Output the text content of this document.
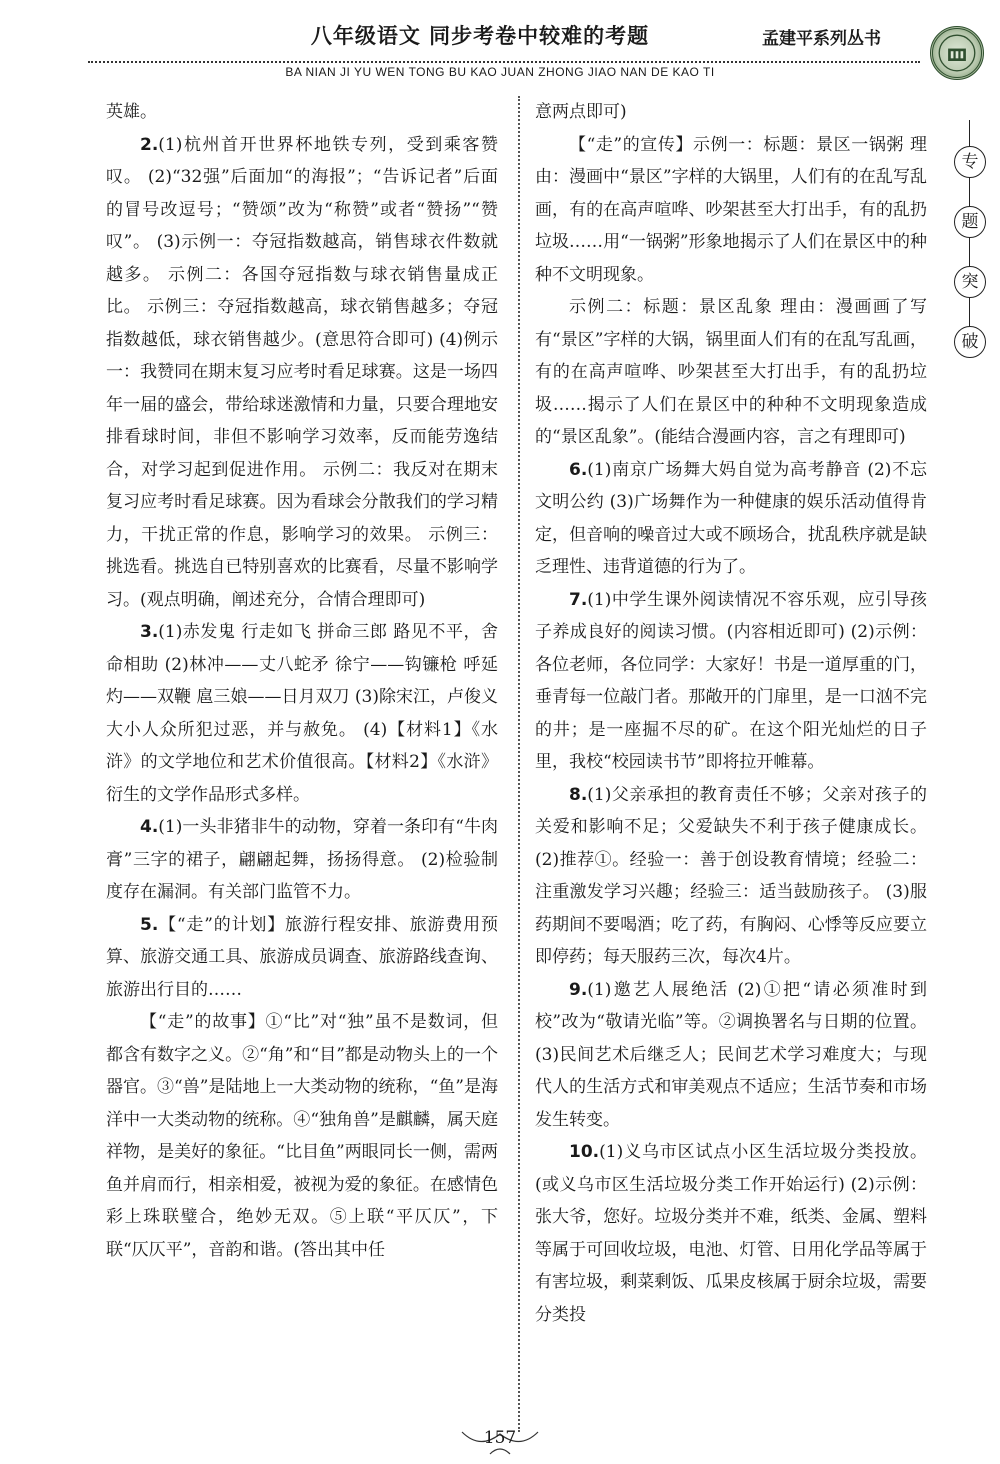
八年级语文 同步考卷中较难的考题	孟建平系列丛书
BA NIAN JI YU WEN TONG BU KAO JUAN ZHONG JIAO NAN DE KAO TI
专
题
突
破

英雄。

2.(1)杭州首开世界杯地铁专列，受到乘客赞叹。 (2)“32强”后面加“的海报”；“告诉记者”后面的冒号改逗号；“赞颂”改为“称赞”或者“赞扬”“赞叹”。 (3)示例一：夺冠指数越高，销售球衣件数就越多。 示例二：各国夺冠指数与球衣销售量成正比。 示例三：夺冠指数越高，球衣销售越多；夺冠指数越低，球衣销售越少。(意思符合即可) (4)例示一：我赞同在期末复习应考时看足球赛。这是一场四年一届的盛会，带给球迷激情和力量，只要合理地安排看球时间，非但不影响学习效率，反而能劳逸结合，对学习起到促进作用。 示例二：我反对在期末复习应考时看足球赛。因为看球会分散我们的学习精力，干扰正常的作息，影响学习的效果。 示例三：挑选看。挑选自已特别喜欢的比赛看，尽量不影响学习。(观点明确，阐述充分，合情合理即可)

3.(1)赤发鬼 行走如飞 拼命三郎 路见不平，舍命相助 (2)林冲——丈八蛇矛 徐宁——钩镰枪 呼延灼——双鞭 扈三娘——日月双刀 (3)除宋江，卢俊义大小人众所犯过恶，并与赦免。 (4)【材料1】《水浒》的文学地位和艺术价值很高。【材料2】《水浒》衍生的文学作品形式多样。

4.(1)一头非猪非牛的动物，穿着一条印有“牛肉膏”三字的裙子，翩翩起舞，扬扬得意。 (2)检验制度存在漏洞。有关部门监管不力。

5.【“走”的计划】旅游行程安排、旅游费用预算、旅游交通工具、旅游成员调查、旅游路线查询、旅游出行目的……

【“走”的故事】①“比”对“独”虽不是数词，但都含有数字之义。②“角”和“目”都是动物头上的一个器官。③“兽”是陆地上一大类动物的统称，“鱼”是海洋中一大类动物的统称。④“独角兽”是麒麟，属天庭祥物，是美好的象征。“比目鱼”两眼同长一侧，需两鱼并肩而行，相亲相爱，被视为爱的象征。在感情色彩上珠联璧合，绝妙无双。⑤上联“平仄仄”，下联“仄仄平”，音韵和谐。(答出其中任

意两点即可)

【“走”的宣传】示例一：标题：景区一锅粥 理由：漫画中“景区”字样的大锅里，人们有的在乱写乱画，有的在高声喧哗、吵架甚至大打出手，有的乱扔垃圾……用“一锅粥”形象地揭示了人们在景区中的种种不文明现象。

示例二：标题：景区乱象 理由：漫画画了写有“景区”字样的大锅，锅里面人们有的在乱写乱画，有的在高声喧哗、吵架甚至大打出手，有的乱扔垃圾……揭示了人们在景区中的种种不文明现象造成的“景区乱象”。(能结合漫画内容，言之有理即可)

6.(1)南京广场舞大妈自觉为高考静音 (2)不忘文明公约 (3)广场舞作为一种健康的娱乐活动值得肯定，但音响的噪音过大或不顾场合，扰乱秩序就是缺乏理性、违背道德的行为了。

7.(1)中学生课外阅读情况不容乐观，应引导孩子养成良好的阅读习惯。(内容相近即可) (2)示例：各位老师，各位同学：大家好！书是一道厚重的门，垂青每一位敲门者。那敞开的门扉里，是一口汹不完的井；是一座掘不尽的矿。在这个阳光灿烂的日子里，我校“校园读书节”即将拉开帷幕。

8.(1)父亲承担的教育责任不够；父亲对孩子的关爱和影响不足；父爱缺失不利于孩子健康成长。 (2)推荐①。经验一：善于创设教育情境；经验二：注重激发学习兴趣；经验三：适当鼓励孩子。 (3)服药期间不要喝酒；吃了药，有胸闷、心悸等反应要立即停药；每天服药三次，每次4片。

9.(1)邀艺人展绝活 (2)①把“请必须准时到校”改为“敬请光临”等。②调换署名与日期的位置。 (3)民间艺术后继乏人；民间艺术学习难度大；与现代人的生活方式和审美观点不适应；生活节奏和市场发生转变。

10.(1)义乌市区试点小区生活垃圾分类投放。(或义乌市区生活垃圾分类工作开始运行) (2)示例：张大爷，您好。垃圾分类并不难，纸类、金属、塑料等属于可回收垃圾，电池、灯管、日用化学品等属于有害垃圾，剩菜剩饭、瓜果皮核属于厨余垃圾，需要分类投

157
